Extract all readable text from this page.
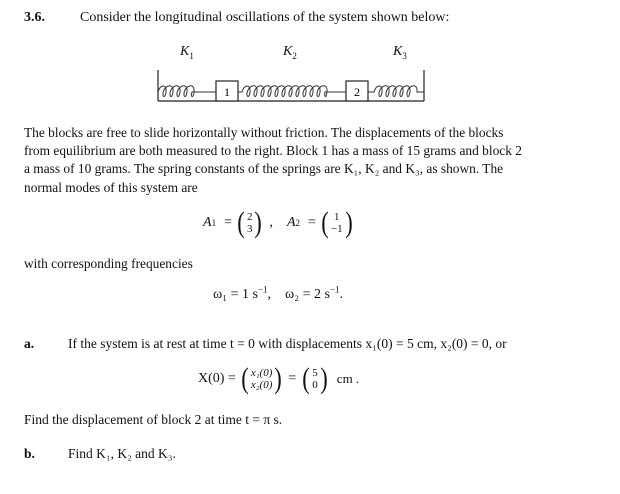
3.6.	Consider the longitudinal oscillations of the system shown below:
$K_1$	$K_2$	$K_3$
1	2
The blocks are free to slide horizontally without friction. The displacements of the blocks
from equilibrium are both measured to the right. Block 1 has a mass of 15 grams and block 2
a mass of 10 grams. The spring constants of the springs are K₁, K₂ and K₃, as shown. The
normal modes of this system are
A 1 = ( 2
3 ) , A 2 = ( 1
−1 )
with corresponding frequencies
ω₁ = 1 $s^{-1}$,    ω₂ = 2 $s^{-1}$.
a.	If the system is at rest at time t = 0 with displacements x₁(0) = 5 cm, x₂(0) = 0, or
X(0) = ( x₁(0)
x₂(0) ) = ( 5
0 ) cm .
Find the displacement of block 2 at time t = π s.
b. Find K₁, K₂ and K₃.
